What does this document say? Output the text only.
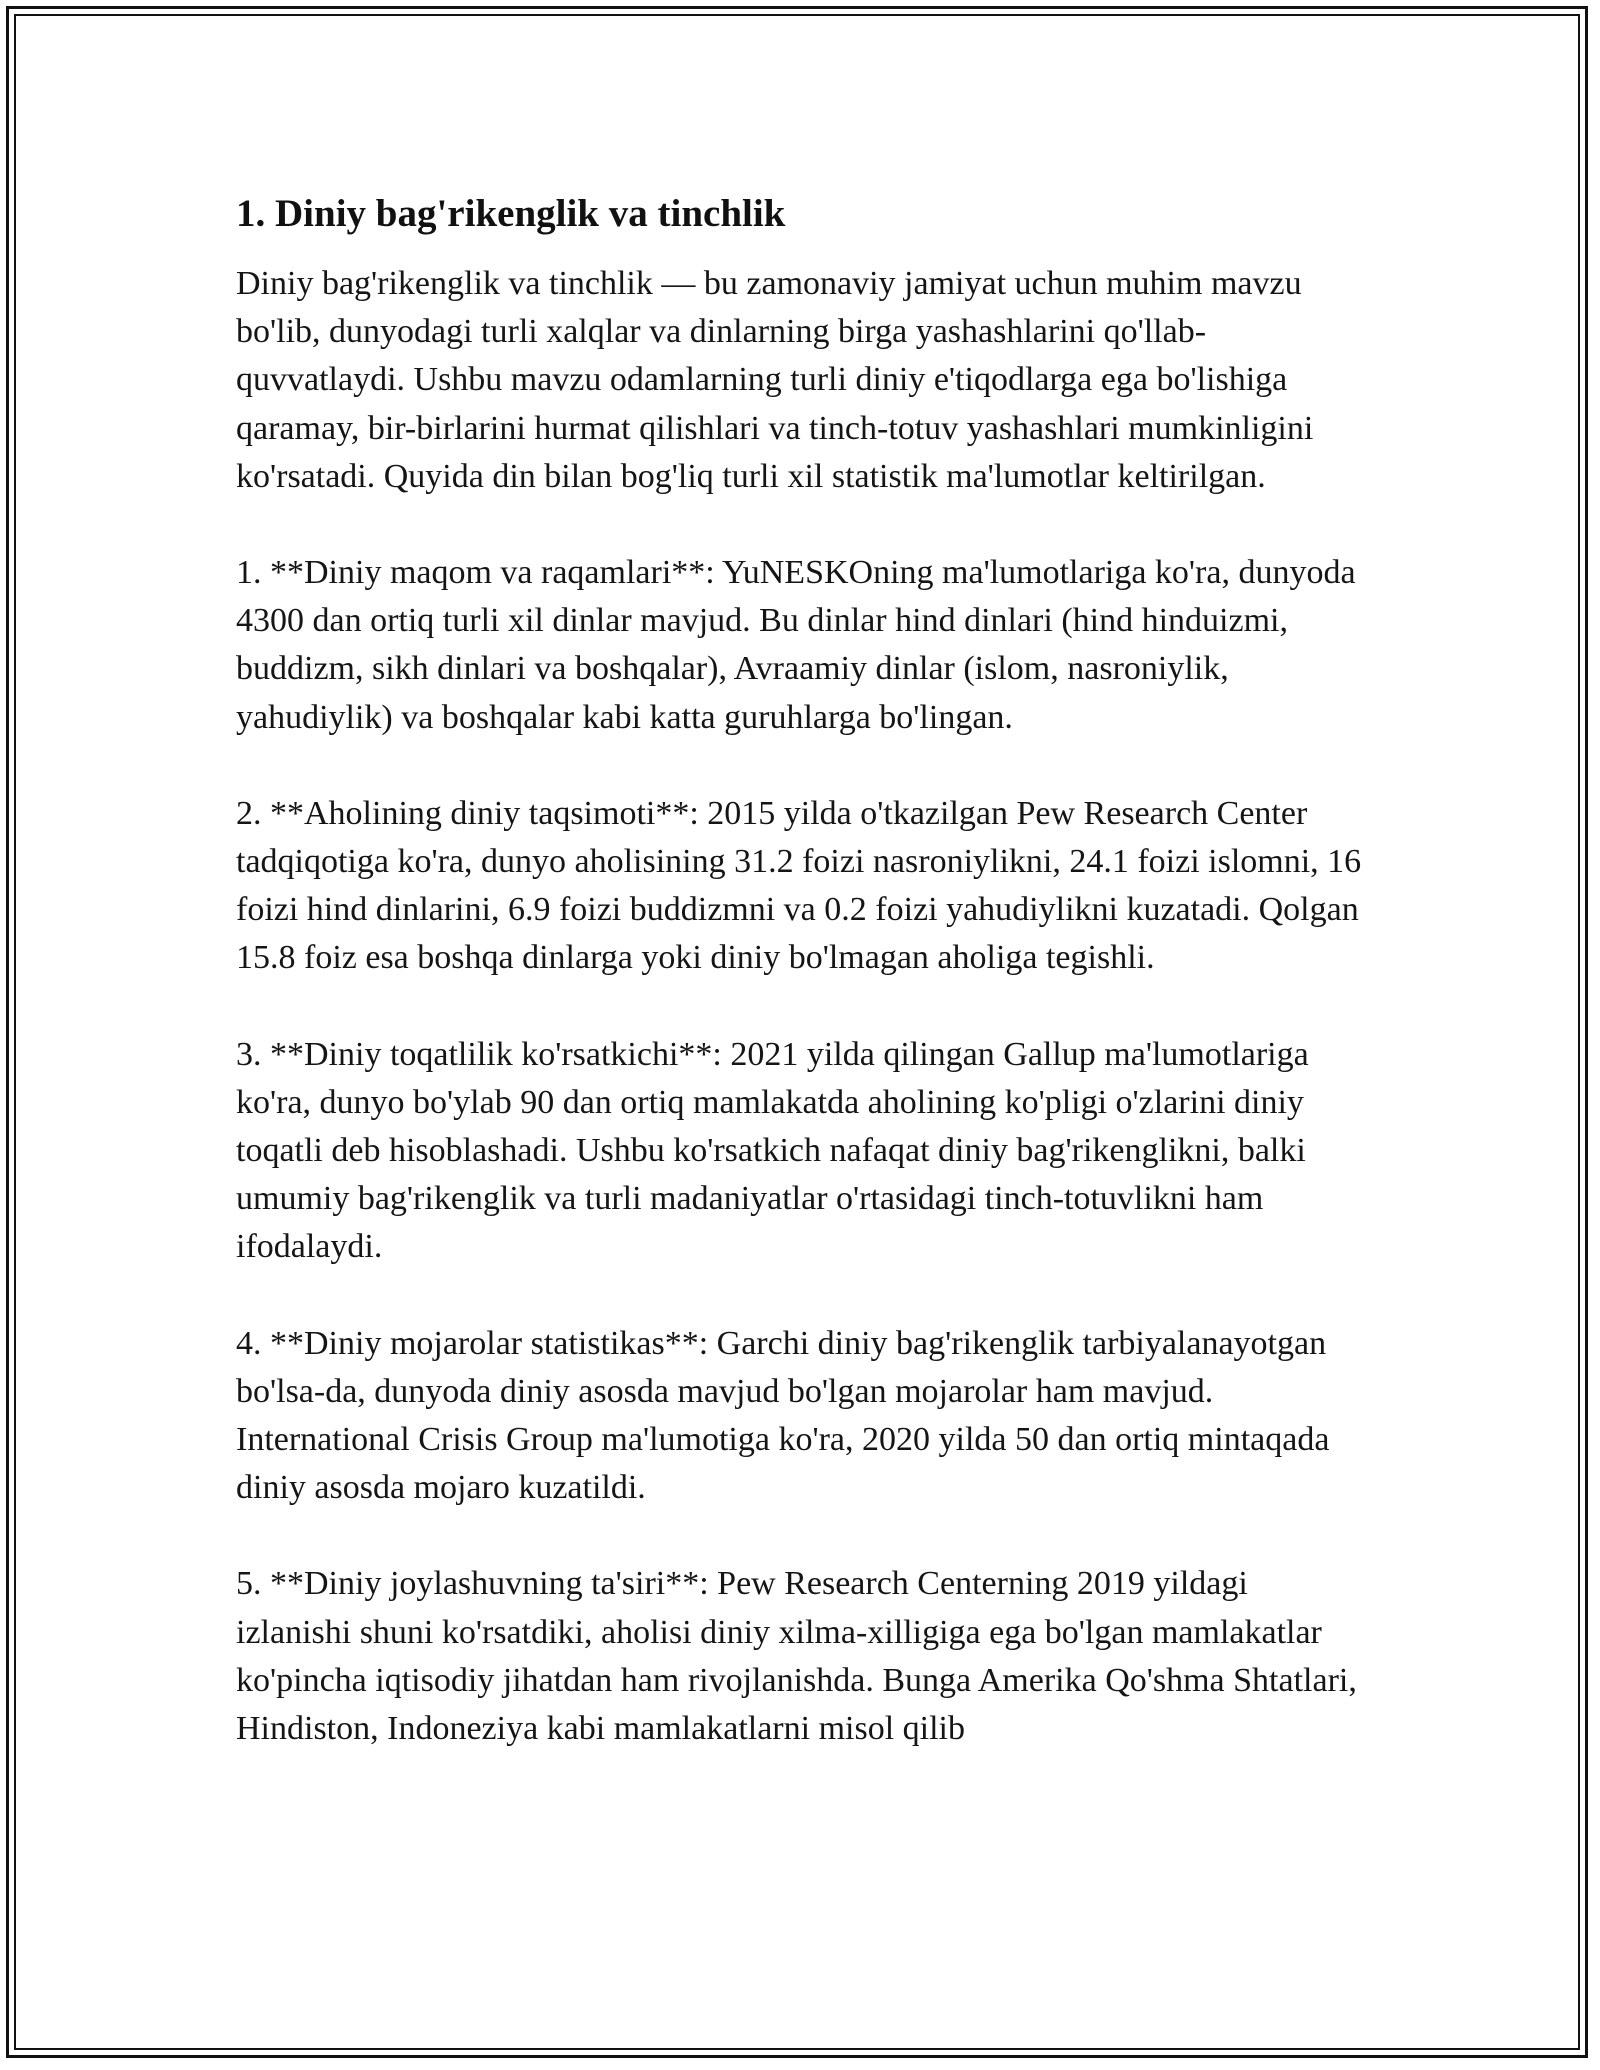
1. Diniy bag'rikenglik va tinchlik

Diniy bag'rikenglik va tinchlik — bu zamonaviy jamiyat uchun muhim mavzu bo'lib, dunyodagi turli xalqlar va dinlarning birga yashashlarini qo'llab-quvvatlaydi. Ushbu mavzu odamlarning turli diniy e'tiqodlarga ega bo'lishiga qaramay, bir-birlarini hurmat qilishlari va tinch-totuv yashashlari mumkinligini ko'rsatadi. Quyida din bilan bog'liq turli xil statistik ma'lumotlar keltirilgan.

1. **Diniy maqom va raqamlari**: YuNESKOning ma'lumotlariga ko'ra, dunyoda 4300 dan ortiq turli xil dinlar mavjud. Bu dinlar hind dinlari (hind hinduizmi, buddizm, sikh dinlari va boshqalar), Avraamiy dinlar (islom, nasroniylik, yahudiylik) va boshqalar kabi katta guruhlarga bo'lingan.

2. **Aholining diniy taqsimoti**: 2015 yilda o'tkazilgan Pew Research Center tadqiqotiga ko'ra, dunyo aholisining 31.2 foizi nasroniylikni, 24.1 foizi islomni, 16 foizi hind dinlarini, 6.9 foizi buddizmni va 0.2 foizi yahudiylikni kuzatadi. Qolgan 15.8 foiz esa boshqa dinlarga yoki diniy bo'lmagan aholiga tegishli.

3. **Diniy toqatlilik ko'rsatkichi**: 2021 yilda qilingan Gallup ma'lumotlariga ko'ra, dunyo bo'ylab 90 dan ortiq mamlakatda aholining ko'pligi o'zlarini diniy toqatli deb hisoblashadi. Ushbu ko'rsatkich nafaqat diniy bag'rikenglikni, balki umumiy bag'rikenglik va turli madaniyatlar o'rtasidagi tinch-totuvlikni ham ifodalaydi.

4. **Diniy mojarolar statistikas**: Garchi diniy bag'rikenglik tarbiyalanayotgan bo'lsa-da, dunyoda diniy asosda mavjud bo'lgan mojarolar ham mavjud. International Crisis Group ma'lumotiga ko'ra, 2020 yilda 50 dan ortiq mintaqada diniy asosda mojaro kuzatildi.

5. **Diniy joylashuvning ta'siri**: Pew Research Centerning 2019 yildagi izlanishi shuni ko'rsatdiki, aholisi diniy xilma-xilligiga ega bo'lgan mamlakatlar ko'pincha iqtisodiy jihatdan ham rivojlanishda. Bunga Amerika Qo'shma Shtatlari, Hindiston, Indoneziya kabi mamlakatlarni misol qilib
